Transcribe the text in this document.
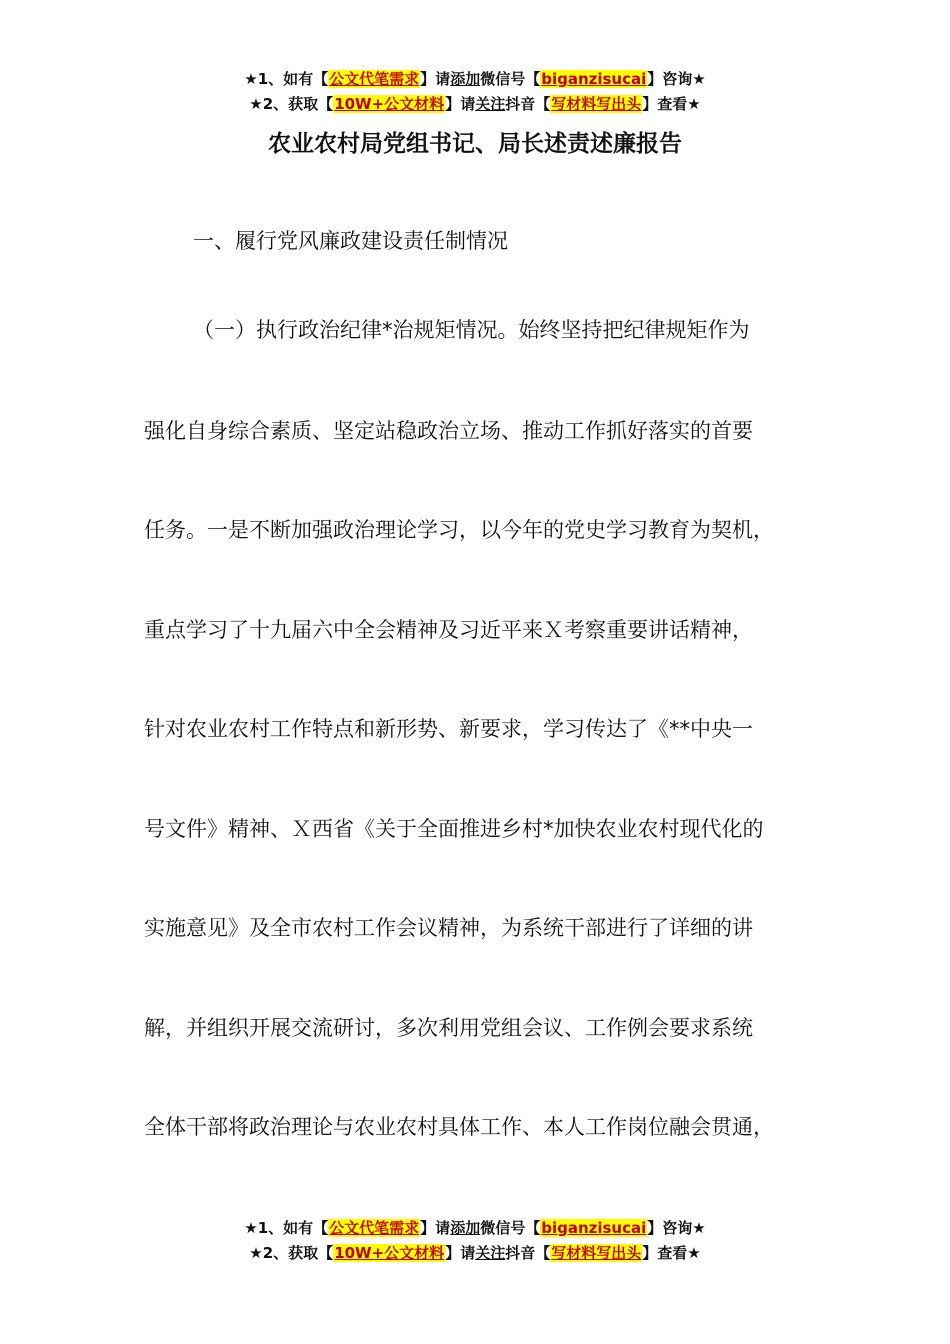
★1、如有【公文代笔需求】请添加微信号【biganzisucai】咨询★
★2、获取【10W+公文材料】请关注抖音【写材料写出头】查看★
农业农村局党组书记、局长述责述廉报告
一、履行党风廉政建设责任制情况
（一）执行政治纪律*治规矩情况。始终坚持把纪律规矩作为
强化自身综合素质、坚定站稳政治立场、推动工作抓好落实的首要
任务。一是不断加强政治理论学习，以今年的党史学习教育为契机，
重点学习了十九届六中全会精神及习近平来Ｘ考察重要讲话精神，
针对农业农村工作特点和新形势、新要求，学习传达了《**中央一
号文件》精神、Ｘ西省《关于全面推进乡村*加快农业农村现代化的
实施意见》及全市农村工作会议精神，为系统干部进行了详细的讲
解，并组织开展交流研讨，多次利用党组会议、工作例会要求系统
全体干部将政治理论与农业农村具体工作、本人工作岗位融会贯通，
★1、如有【公文代笔需求】请添加微信号【biganzisucai】咨询★
★2、获取【10W+公文材料】请关注抖音【写材料写出头】查看★
